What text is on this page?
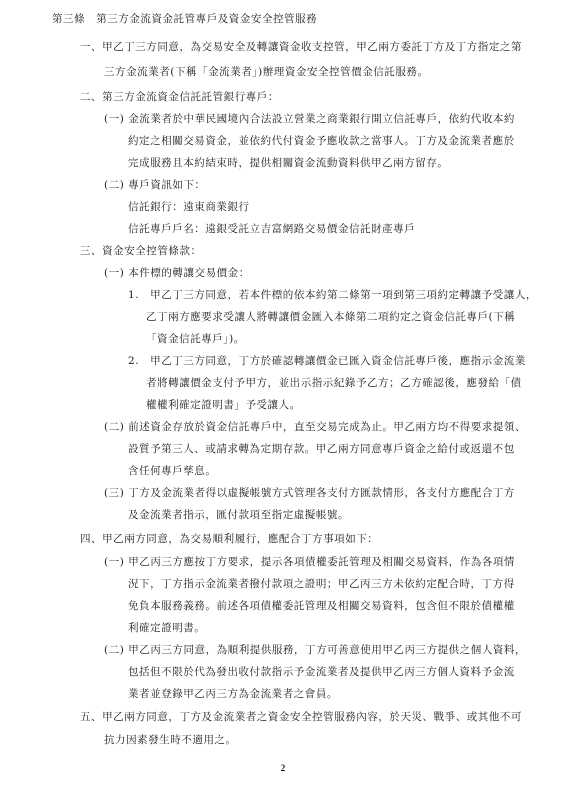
第三條　第三方金流資金託管專戶及資金安全控管服務
一、甲乙丁三方同意，為交易安全及轉讓資金收支控管，甲乙兩方委託丁方及丁方指定之第
三方金流業者(下稱「金流業者」)辦理資金安全控管價金信託服務。
二、第三方金流資金信託託管銀行專戶：
(一) 金流業者於中華民國境內合法設立營業之商業銀行開立信託專戶，依約代收本約
約定之相關交易資金，並依約代付資金予應收款之當事人。丁方及金流業者應於
完成服務且本約結束時，提供相關資金流動資料供甲乙兩方留存。
(二) 專戶資訊如下：
信託銀行：遠東商業銀行
信託專戶戶名：遠銀受託立吉富網路交易價金信託財產專戶
三、資金安全控管條款：
(一) 本件標的轉讓交易價金：
1.　甲乙丁三方同意，若本件標的依本約第二條第一項到第三項約定轉讓予受讓人，
乙丁兩方應要求受讓人將轉讓價金匯入本條第二項約定之資金信託專戶(下稱
「資金信託專戶」)。
2.　甲乙丁三方同意，丁方於確認轉讓價金已匯入資金信託專戶後，應指示金流業
者將轉讓價金支付予甲方，並出示指示紀錄予乙方；乙方確認後，應發給「債
權權利確定證明書」予受讓人。
(二) 前述資金存放於資金信託專戶中，直至交易完成為止。甲乙兩方均不得要求提領、
設質予第三人、或請求轉為定期存款。甲乙兩方同意專戶資金之給付或返還不包
含任何專戶孳息。
(三) 丁方及金流業者得以虛擬帳號方式管理各支付方匯款情形，各支付方應配合丁方
及金流業者指示，匯付款項至指定虛擬帳號。
四、甲乙兩方同意，為交易順利履行，應配合丁方事項如下：
(一) 甲乙丙三方應按丁方要求，提示各項債權委託管理及相關交易資料，作為各項情
況下，丁方指示金流業者撥付款項之證明；甲乙丙三方未依約定配合時，丁方得
免負本服務義務。前述各項債權委託管理及相關交易資料，包含但不限於債權權
利確定證明書。
(二) 甲乙丙三方同意，為順利提供服務，丁方可善意使用甲乙丙三方提供之個人資料，
包括但不限於代為發出收付款指示予金流業者及提供甲乙丙三方個人資料予金流
業者並登錄甲乙丙三方為金流業者之會員。
五、甲乙兩方同意，丁方及金流業者之資金安全控管服務內容，於天災、戰爭、或其他不可
抗力因素發生時不適用之。
2
